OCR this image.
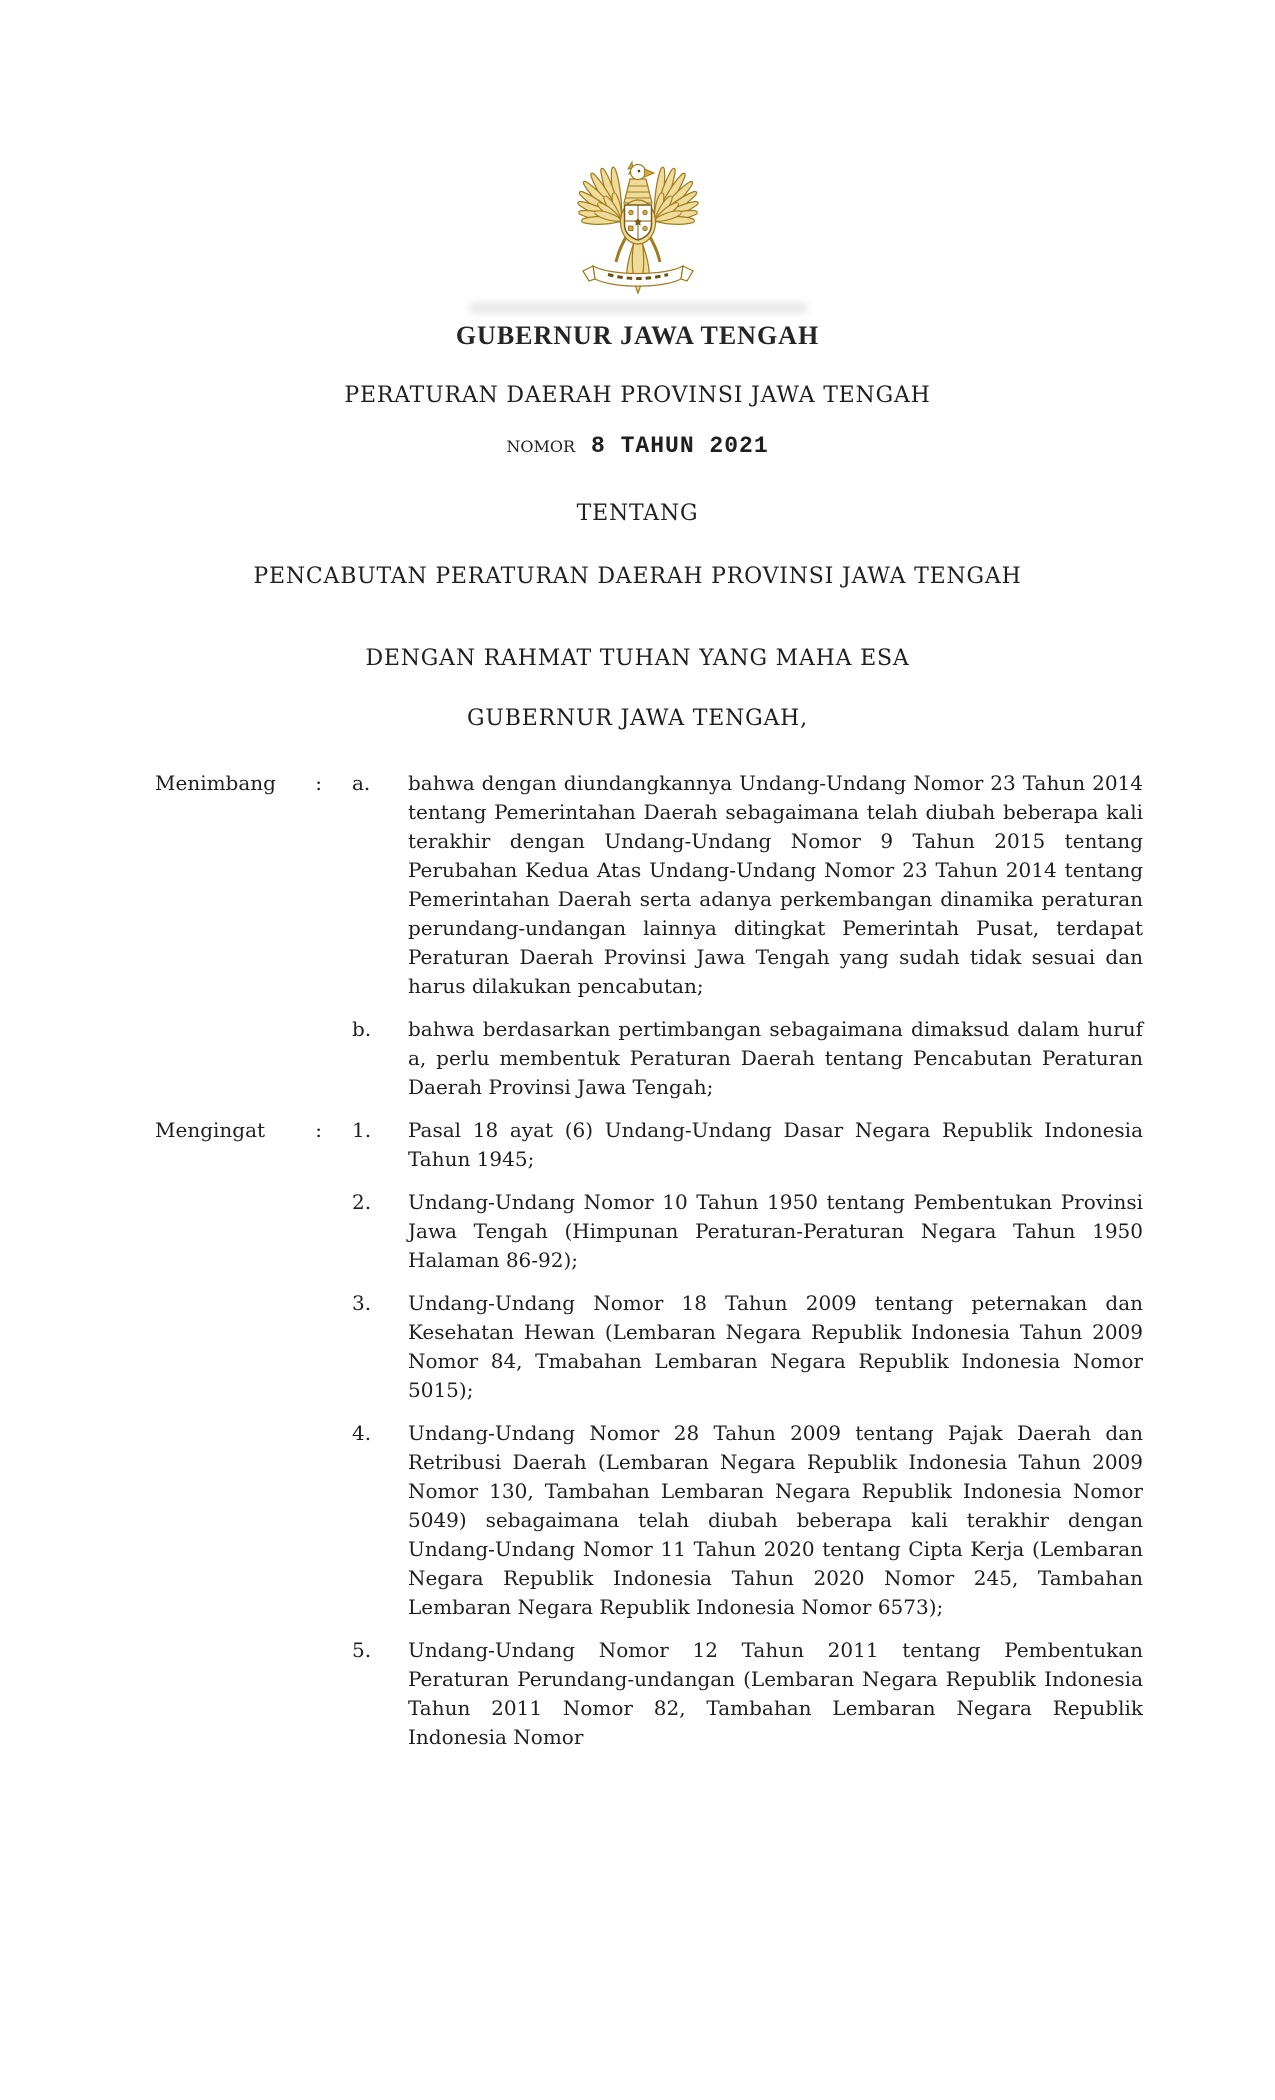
GUBERNUR JAWA TENGAH
PERATURAN DAERAH PROVINSI JAWA TENGAH
NOMOR 8 TAHUN 2021
TENTANG
PENCABUTAN PERATURAN DAERAH PROVINSI JAWA TENGAH
DENGAN RAHMAT TUHAN YANG MAHA ESA
GUBERNUR JAWA TENGAH,
Menimbang : a.	bahwa dengan diundangkannya Undang-Undang Nomor 23 Tahun 2014 tentang Pemerintahan Daerah sebagaimana telah diubah beberapa kali terakhir dengan Undang-Undang Nomor 9 Tahun 2015 tentang Perubahan Kedua Atas Undang-Undang Nomor 23 Tahun 2014 tentang Pemerintahan Daerah serta adanya perkembangan dinamika peraturan perundang-undangan lainnya ditingkat Pemerintah Pusat, terdapat Peraturan Daerah Provinsi Jawa Tengah yang sudah tidak sesuai dan harus dilakukan pencabutan;
b.	bahwa berdasarkan pertimbangan sebagaimana dimaksud dalam huruf a, perlu membentuk Peraturan Daerah tentang Pencabutan Peraturan Daerah Provinsi Jawa Tengah;
Mengingat	: 1.	Pasal 18 ayat (6) Undang-Undang Dasar Negara Republik Indonesia Tahun 1945;
2.	Undang-Undang Nomor 10 Tahun 1950 tentang Pembentukan Provinsi Jawa Tengah (Himpunan Peraturan-Peraturan Negara Tahun 1950 Halaman 86-92);
3.	Undang-Undang Nomor 18 Tahun 2009 tentang peternakan dan Kesehatan Hewan (Lembaran Negara Republik Indonesia Tahun 2009 Nomor 84, Tmabahan Lembaran Negara Republik Indonesia Nomor 5015);
4.	Undang-Undang Nomor 28 Tahun 2009 tentang Pajak Daerah dan Retribusi Daerah (Lembaran Negara Republik Indonesia Tahun 2009 Nomor 130, Tambahan Lembaran Negara Republik Indonesia Nomor 5049) sebagaimana telah diubah beberapa kali terakhir dengan Undang-Undang Nomor 11 Tahun 2020 tentang Cipta Kerja (Lembaran Negara Republik Indonesia Tahun 2020 Nomor 245, Tambahan Lembaran Negara Republik Indonesia Nomor 6573);
5.	Undang-Undang Nomor 12 Tahun 2011 tentang Pembentukan Peraturan Perundang-undangan (Lembaran Negara Republik Indonesia Tahun 2011 Nomor 82, Tambahan Lembaran Negara Republik Indonesia Nomor
